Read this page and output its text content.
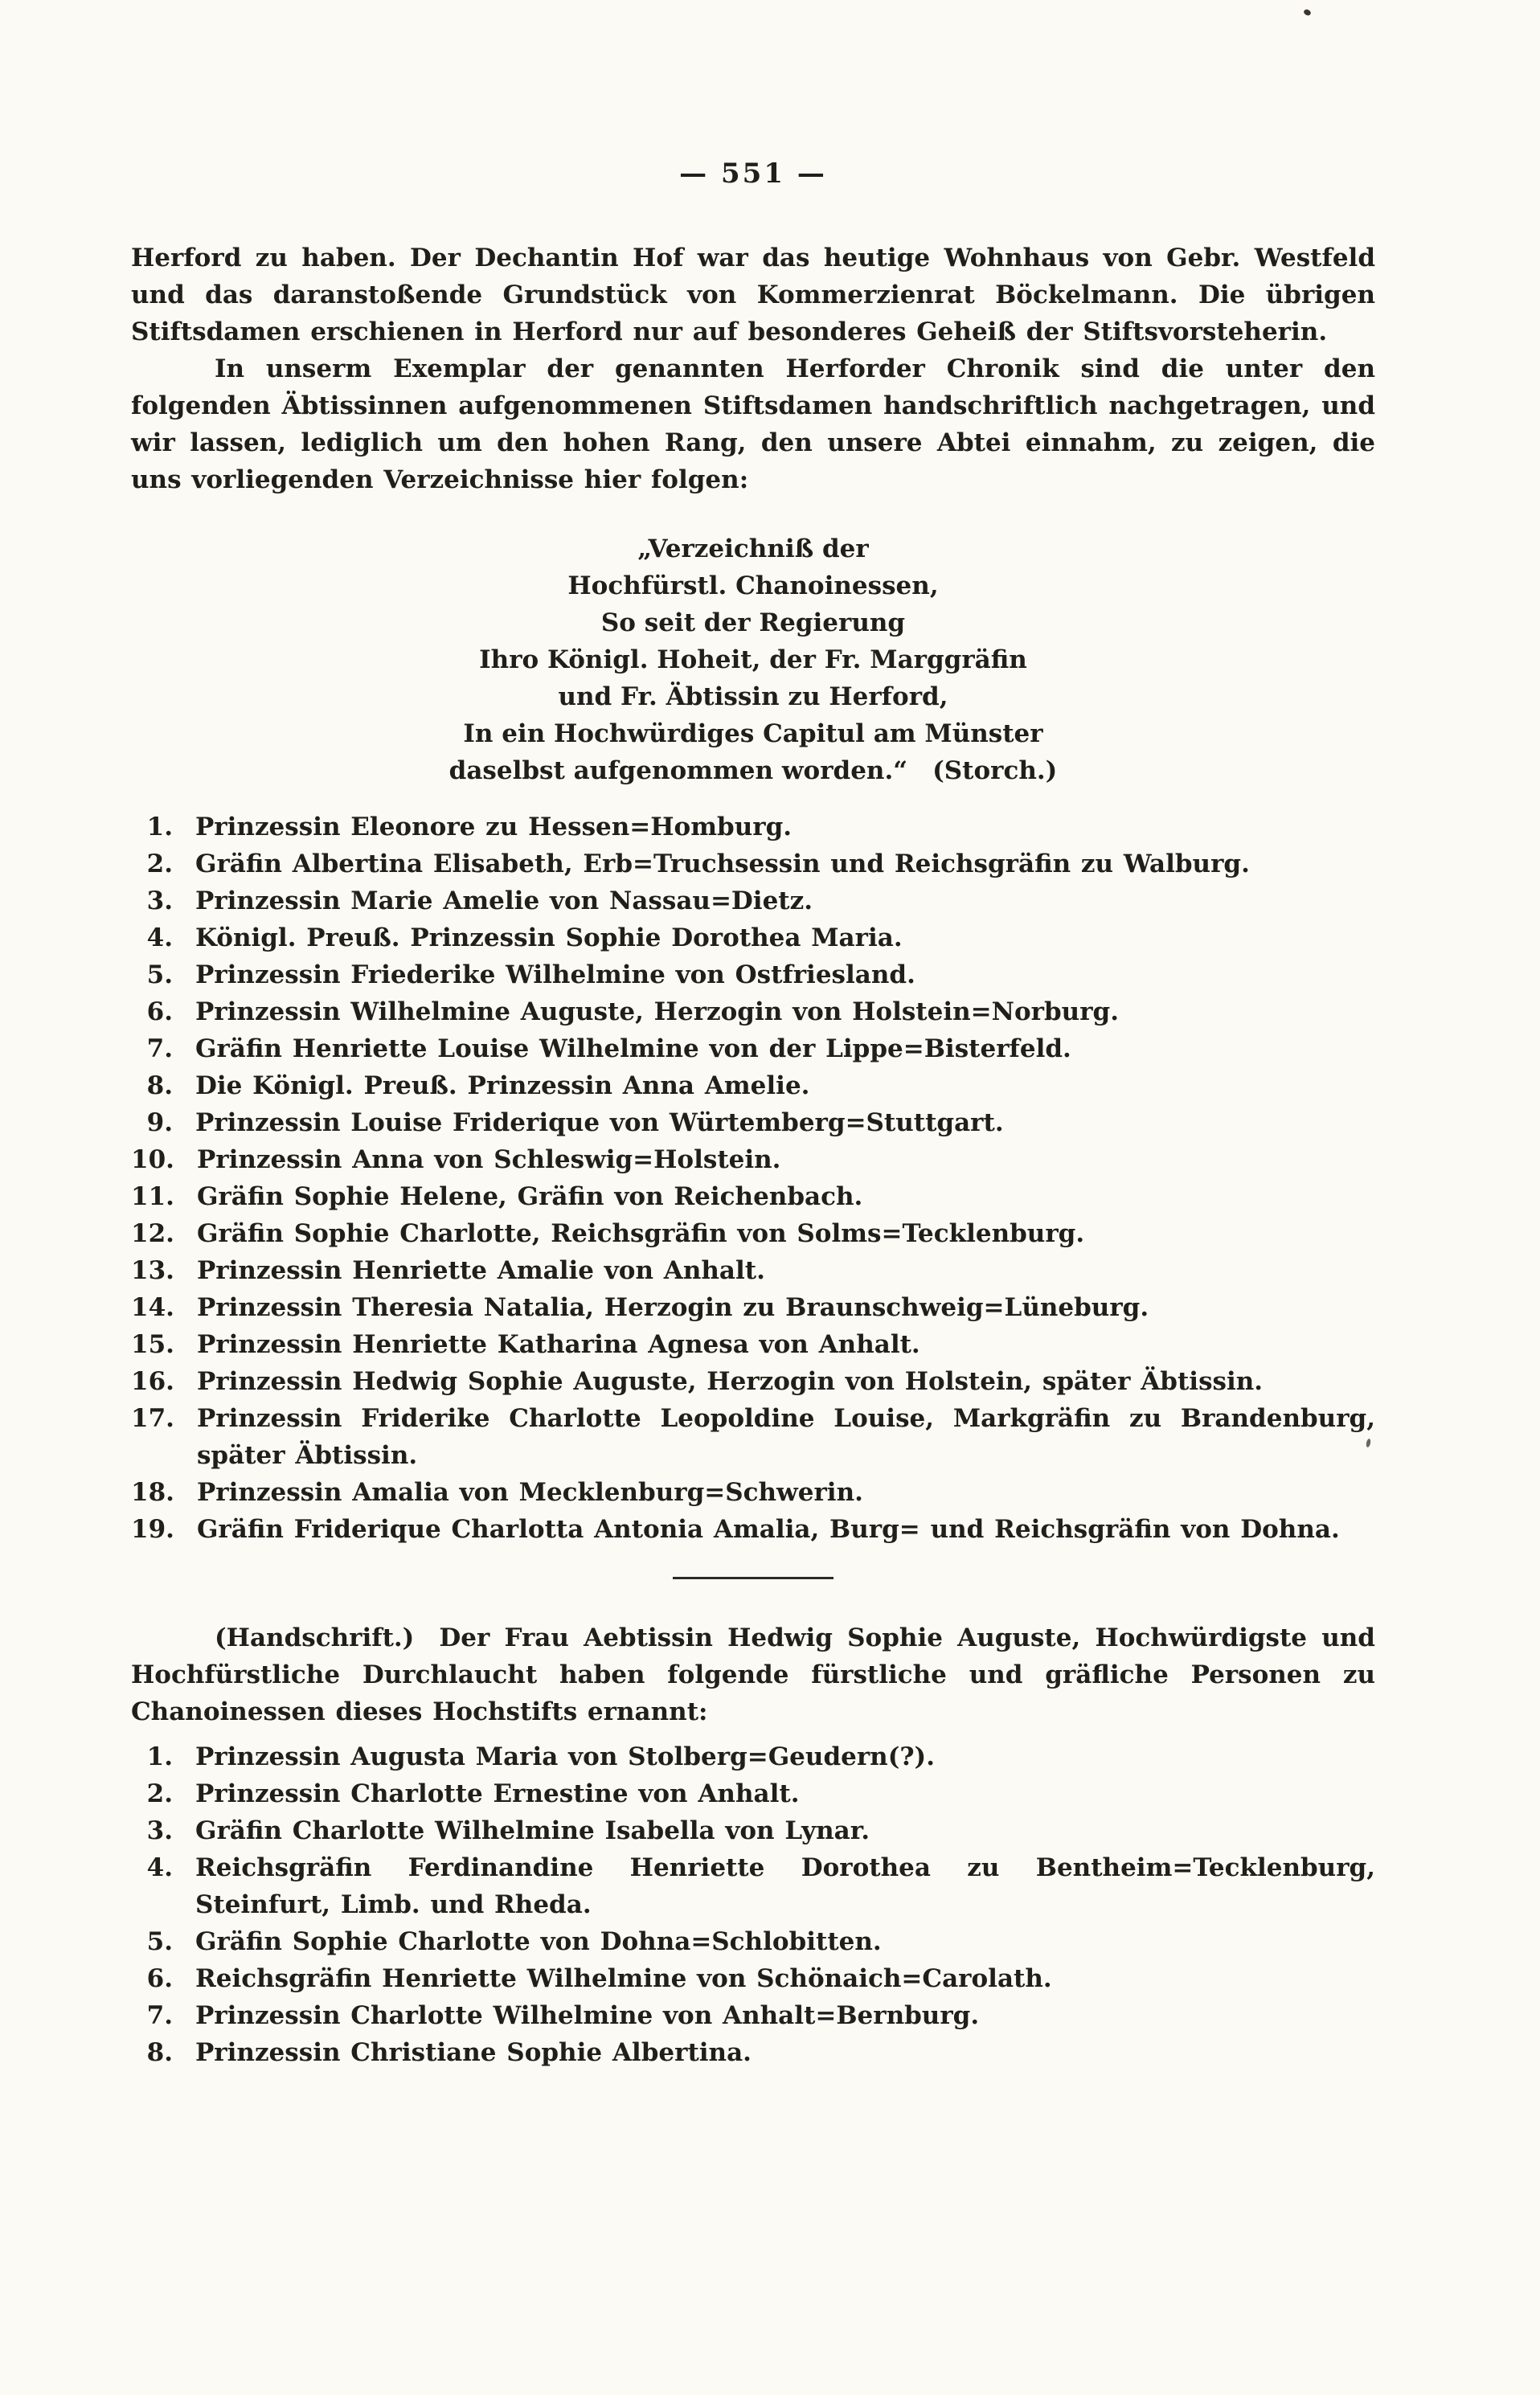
— 551 —

Herford zu haben. Der Dechantin Hof war das heutige Wohnhaus von Gebr. Westfeld und das daranstoßende Grundstück von Kommerzienrat Böckelmann. Die übrigen Stiftsdamen erschienen in Herford nur auf besonderes Geheiß der Stiftsvorsteherin.

In unserm Exemplar der genannten Herforder Chronik sind die unter den folgenden Äbtissinnen aufgenommenen Stiftsdamen handschriftlich nachgetragen, und wir lassen, lediglich um den hohen Rang, den unsere Abtei einnahm, zu zeigen, die uns vorliegenden Verzeichnisse hier folgen:

„Verzeichniß der
Hochfürstl. Chanoinessen,
So seit der Regierung
Ihro Königl. Hoheit, der Fr. Marggräfin
und Fr. Äbtissin zu Herford,
In ein Hochwürdiges Capitul am Münster
daselbst aufgenommen worden.“ (Storch.)
1. Prinzessin Eleonore zu Hessen=Homburg.
2. Gräfin Albertina Elisabeth, Erb=Truchsessin und Reichsgräfin zu Walburg.
3. Prinzessin Marie Amelie von Nassau=Dietz.
4. Königl. Preuß. Prinzessin Sophie Dorothea Maria.
5. Prinzessin Friederike Wilhelmine von Ostfriesland.
6. Prinzessin Wilhelmine Auguste, Herzogin von Holstein=Norburg.
7. Gräfin Henriette Louise Wilhelmine von der Lippe=Bisterfeld.
8. Die Königl. Preuß. Prinzessin Anna Amelie.
9. Prinzessin Louise Friderique von Würtemberg=Stuttgart.
10. Prinzessin Anna von Schleswig=Holstein.
11. Gräfin Sophie Helene, Gräfin von Reichenbach.
12. Gräfin Sophie Charlotte, Reichsgräfin von Solms=Tecklenburg.
13. Prinzessin Henriette Amalie von Anhalt.
14. Prinzessin Theresia Natalia, Herzogin zu Braunschweig=Lüneburg.
15. Prinzessin Henriette Katharina Agnesa von Anhalt.
16. Prinzessin Hedwig Sophie Auguste, Herzogin von Holstein, später Äbtissin.
17. Prinzessin Friderike Charlotte Leopoldine Louise, Markgräfin zu Brandenburg, später Äbtissin.
18. Prinzessin Amalia von Mecklenburg=Schwerin.
19. Gräfin Friderique Charlotta Antonia Amalia, Burg= und Reichsgräfin von Dohna.

(Handschrift.) Der Frau Aebtissin Hedwig Sophie Auguste, Hochwürdigste und Hochfürstliche Durchlaucht haben folgende fürstliche und gräfliche Personen zu Chanoinessen dieses Hochstifts ernannt:

1. Prinzessin Augusta Maria von Stolberg=Geudern(?).
2. Prinzessin Charlotte Ernestine von Anhalt.
3. Gräfin Charlotte Wilhelmine Isabella von Lynar.
4. Reichsgräfin Ferdinandine Henriette Dorothea zu Bentheim=Tecklenburg, Steinfurt, Limb. und Rheda.
5. Gräfin Sophie Charlotte von Dohna=Schlobitten.
6. Reichsgräfin Henriette Wilhelmine von Schönaich=Carolath.
7. Prinzessin Charlotte Wilhelmine von Anhalt=Bernburg.
8. Prinzessin Christiane Sophie Albertina.
